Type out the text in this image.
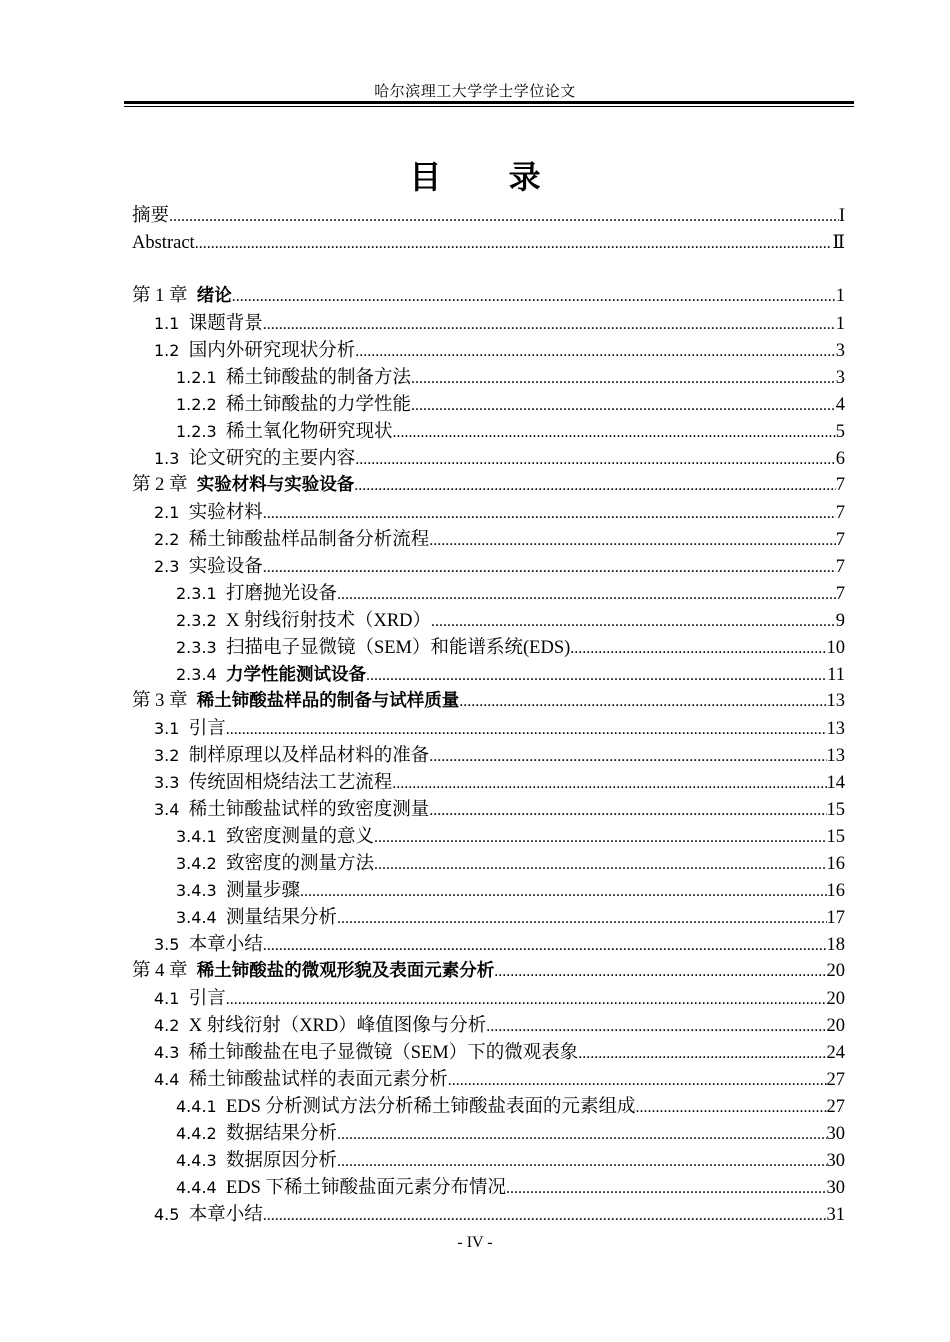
哈尔滨理工大学学士学位论文
目 录
摘要 .....	I
Abstract .....	Ⅱ
第 1 章  绪论 .....	1
1.1  课题背景 .....	1
1.2  国内外研究现状分析 .....	3
1.2.1  稀土铈酸盐的制备方法 .....	3
1.2.2  稀土铈酸盐的力学性能 .....	4
1.2.3  稀土氧化物研究现状 .....	5
1.3  论文研究的主要内容 .....	6
第 2 章  实验材料与实验设备 .....	7
2.1  实验材料 .....	7
2.2  稀土铈酸盐样品制备分析流程 .....	7
2.3  实验设备 .....	7
2.3.1  打磨抛光设备 .....	7
2.3.2  X 射线衍射技术（XRD） .....	9
2.3.3  扫描电子显微镜（SEM）和能谱系统(EDS) .....	10
2.3.4  力学性能测试设备 .....	11
第 3 章  稀土铈酸盐样品的制备与试样质量 .....	13
3.1  引言 .....	13
3.2  制样原理以及样品材料的准备 .....	13
3.3  传统固相烧结法工艺流程 .....	14
3.4  稀土铈酸盐试样的致密度测量 .....	15
3.4.1  致密度测量的意义 .....	15
3.4.2  致密度的测量方法 .....	16
3.4.3  测量步骤 .....	16
3.4.4  测量结果分析 .....	17
3.5  本章小结 .....	18
第 4 章  稀土铈酸盐的微观形貌及表面元素分析 .....	20
4.1  引言 .....	20
4.2  X 射线衍射（XRD）峰值图像与分析 .....	20
4.3  稀土铈酸盐在电子显微镜（SEM）下的微观表象 .....	24
4.4  稀土铈酸盐试样的表面元素分析 .....	27
4.4.1  EDS 分析测试方法分析稀土铈酸盐表面的元素组成 .....	27
4.4.2  数据结果分析 .....	30
4.4.3  数据原因分析 .....	30
4.4.4  EDS 下稀土铈酸盐面元素分布情况 .....	30
4.5  本章小结 .....	31
- IV -
